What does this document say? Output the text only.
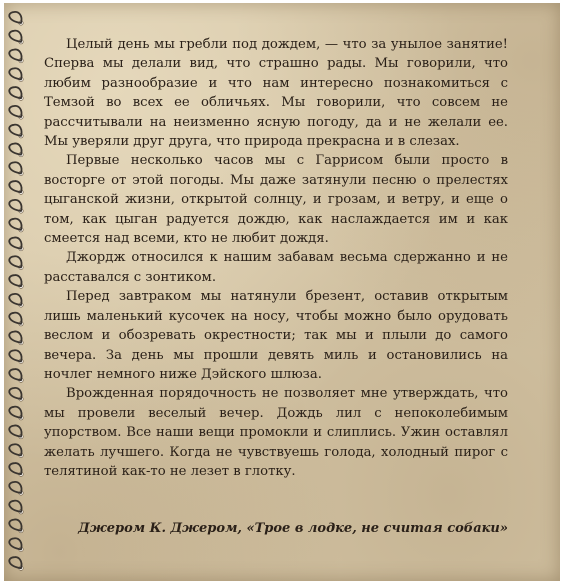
Целый день мы гребли под дождем, — что за унылое занятие! Сперва мы делали вид, что страшно рады. Мы говорили, что любим разнообразие и что нам интересно познакомиться с Темзой во всех ее обличьях. Мы говорили, что совсем не рассчитывали на неизменно ясную погоду, да и не желали ее. Мы уверяли друг друга, что природа прекрасна и в слезах.

Первые несколько часов мы с Гаррисом были просто в восторге от этой погоды. Мы даже затянули песню о прелестях цыганской жизни, открытой солнцу, и грозам, и ветру, и еще о том, как цыган радуется дождю, как наслаждается им и как смеется над всеми, кто не любит дождя.

Джордж относился к нашим забавам весьма сдержанно и не расставался с зонтиком.

Перед завтраком мы натянули брезент, оставив открытым лишь маленький кусочек на носу, чтобы можно было орудовать веслом и обозревать окрестности; так мы и плыли до самого вечера. За день мы прошли девять миль и остановились на ночлег немного ниже Дэйского шлюза.

Врожденная порядочность не позволяет мне утверждать, что мы провели веселый вечер. Дождь лил с непоколебимым упорством. Все наши вещи промокли и слиплись. Ужин оставлял желать лучшего. Когда не чувствуешь голода, холодный пирог с телятиной как-то не лезет в глотку.

Джером К. Джером, «Трое в лодке, не считая собаки»
